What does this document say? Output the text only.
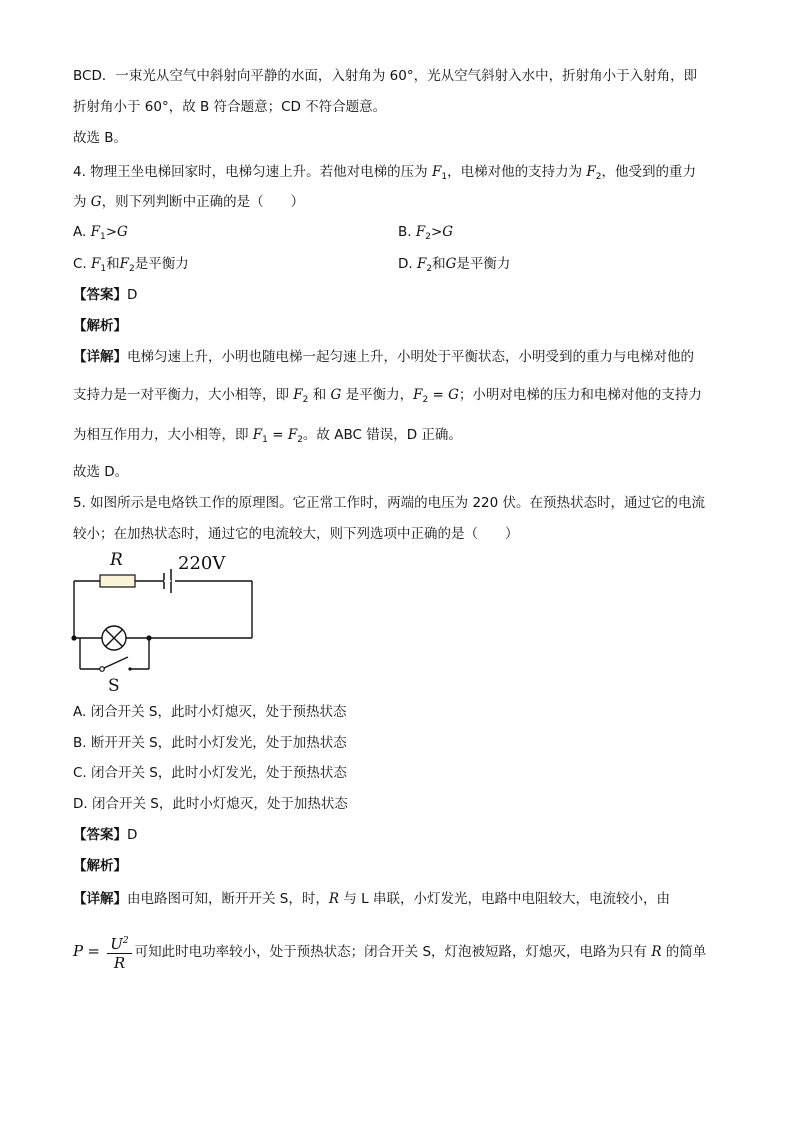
BCD．一束光从空气中斜射向平静的水面，入射角为 60°，光从空气斜射入水中，折射角小于入射角，即
折射角小于 60°，故 B 符合题意；CD 不符合题意。
故选 B。
4. 物理王坐电梯回家时，电梯匀速上升。若他对电梯的压为 $F_1$，电梯对他的支持力为 $F_2$，他受到的重力
为 G，则下列判断中正确的是（　　）
A. $F_1>G$	B. $F_2>G$
C. $F_1$和$F_2$是平衡力	D. $F_2$和G是平衡力
【答案】D
【解析】
【详解】电梯匀速上升，小明也随电梯一起匀速上升，小明处于平衡状态，小明受到的重力与电梯对他的
支持力是一对平衡力，大小相等，即 $F_2$ 和 G 是平衡力，$F_2 = G$；小明对电梯的压力和电梯对他的支持力
为相互作用力，大小相等，即 $F_1 = F_2$。故 ABC 错误，D 正确。
故选 D。
5. 如图所示是电烙铁工作的原理图。它正常工作时，两端的电压为 220 伏。在预热状态时，通过它的电流
较小；在加热状态时，通过它的电流较大，则下列选项中正确的是（　　）
R	220V
S
A. 闭合开关 S，此时小灯熄灭，处于预热状态
B. 断开开关 S，此时小灯发光，处于加热状态
C. 闭合开关 S，此时小灯发光，处于预热状态
D. 闭合开关 S，此时小灯熄灭，处于加热状态
【答案】D
【解析】
【详解】由电路图可知，断开开关 S，时，R 与 L 串联，小灯发光，电路中电阻较大，电流较小，由
$P = \frac{U^2}{R}$ 可知此时电功率较小，处于预热状态；闭合开关 S，灯泡被短路，灯熄灭，电路为只有 R 的简单
